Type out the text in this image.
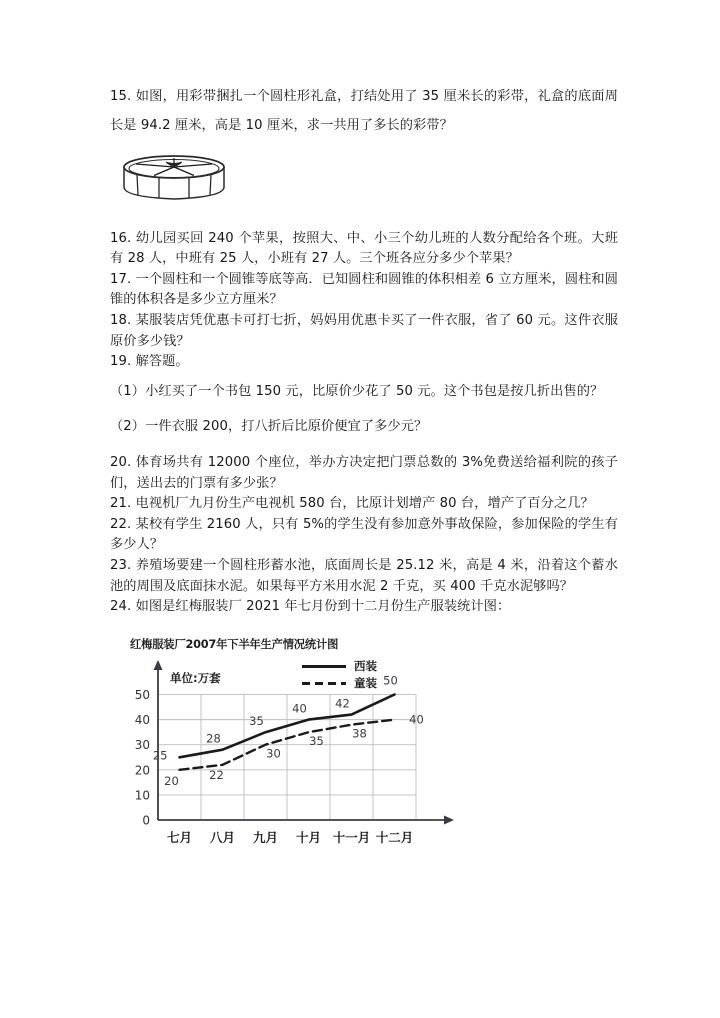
15. 如图，用彩带捆扎一个圆柱形礼盒，打结处用了 35 厘米长的彩带，礼盒的底面周长是 94.2 厘米，高是 10 厘米，求一共用了多长的彩带？

16. 幼儿园买回 240 个苹果，按照大、中、小三个幼儿班的人数分配给各个班。大班有 28 人，中班有 25 人，小班有 27 人。三个班各应分多少个苹果？

17. 一个圆柱和一个圆锥等底等高．已知圆柱和圆锥的体积相差 6 立方厘米，圆柱和圆锥的体积各是多少立方厘米？

18. 某服装店凭优惠卡可打七折，妈妈用优惠卡买了一件衣服，省了 60 元。这件衣服原价多少钱？

19. 解答题。

（1）小红买了一个书包 150 元，比原价少花了 50 元。这个书包是按几折出售的？

（2）一件衣服 200，打八折后比原价便宜了多少元？

20. 体育场共有 12000 个座位，举办方决定把门票总数的 3%免费送给福利院的孩子们，送出去的门票有多少张？

21. 电视机厂九月份生产电视机 580 台，比原计划增产 80 台，增产了百分之几？

22. 某校有学生 2160 人，只有 5%的学生没有参加意外事故保险，参加保险的学生有多少人？

23. 养殖场要建一个圆柱形蓄水池，底面周长是 25.12 米，高是 4 米，沿着这个蓄水池的周围及底面抹水泥。如果每平方米用水泥 2 千克，买 400 千克水泥够吗？

24. 如图是红梅服装厂 2021 年七月份到十二月份生产服装统计图：

红梅服装厂2007年下半年生产情况统计图
西装
童装
0
10
20
30
40
50
单位:万套
七月 八月 九月 十月 十一月 十二月
25
28
35
40 42
50
20	22
30
35
38
40
